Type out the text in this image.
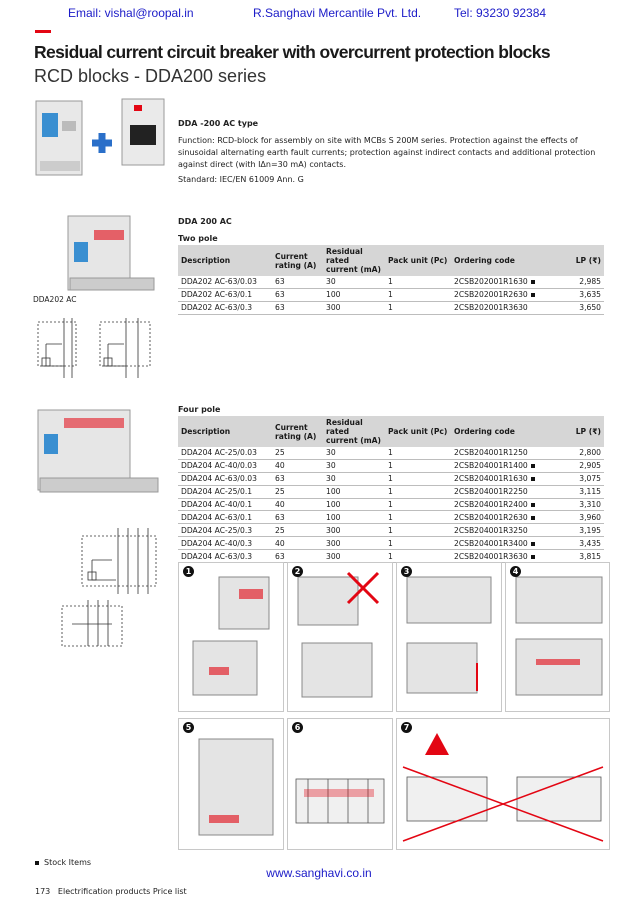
Email: vishal@roopal.in	R.Sanghavi Mercantile Pvt. Ltd.	Tel: 93230 92384
Residual current circuit breaker with overcurrent protection blocks
RCD blocks - DDA200 series
DDA -200 AC type
Function: RCD-block for assembly on site with MCBs S 200M series. Protection against the effects of sinusoidal alternating earth fault currents; protection against indirect contacts and additional protection against direct (with IΔn=30 mA) contacts.
Standard: IEC/EN 61009 Ann. G
DDA202 AC
DDA 200 AC
Two pole
Description	Current rating (A)	Residual rated current (mA)	Pack unit (Pc)	Ordering code	LP (₹)
DDA202 AC-63/0.03	63	30	1	2CSB202001R1630	2,985
DDA202 AC-63/0.1	63	100	1	2CSB202001R2630	3,635
DDA202 AC-63/0.3	63	300	1	2CSB202001R3630	3,650
Four pole
Description	Current rating (A)	Residual rated current (mA)	Pack unit (Pc)	Ordering code	LP (₹)
DDA204 AC-25/0.03	25	30	1	2CSB204001R1250	2,800
DDA204 AC-40/0.03	40	30	1	2CSB204001R1400	2,905
DDA204 AC-63/0.03	63	30	1	2CSB204001R1630	3,075
DDA204 AC-25/0.1	25	100	1	2CSB204001R2250	3,115
DDA204 AC-40/0.1	40	100	1	2CSB204001R2400	3,310
DDA204 AC-63/0.1	63	100	1	2CSB204001R2630	3,960
DDA204 AC-25/0.3	25	300	1	2CSB204001R3250	3,195
DDA204 AC-40/0.3	40	300	1	2CSB204001R3400	3,435
DDA204 AC-63/0.3	63	300	1	2CSB204001R3630	3,815
1	2	3	4
5	6	7
Stock Items
173 Electrification products Price list
www.sanghavi.co.in
